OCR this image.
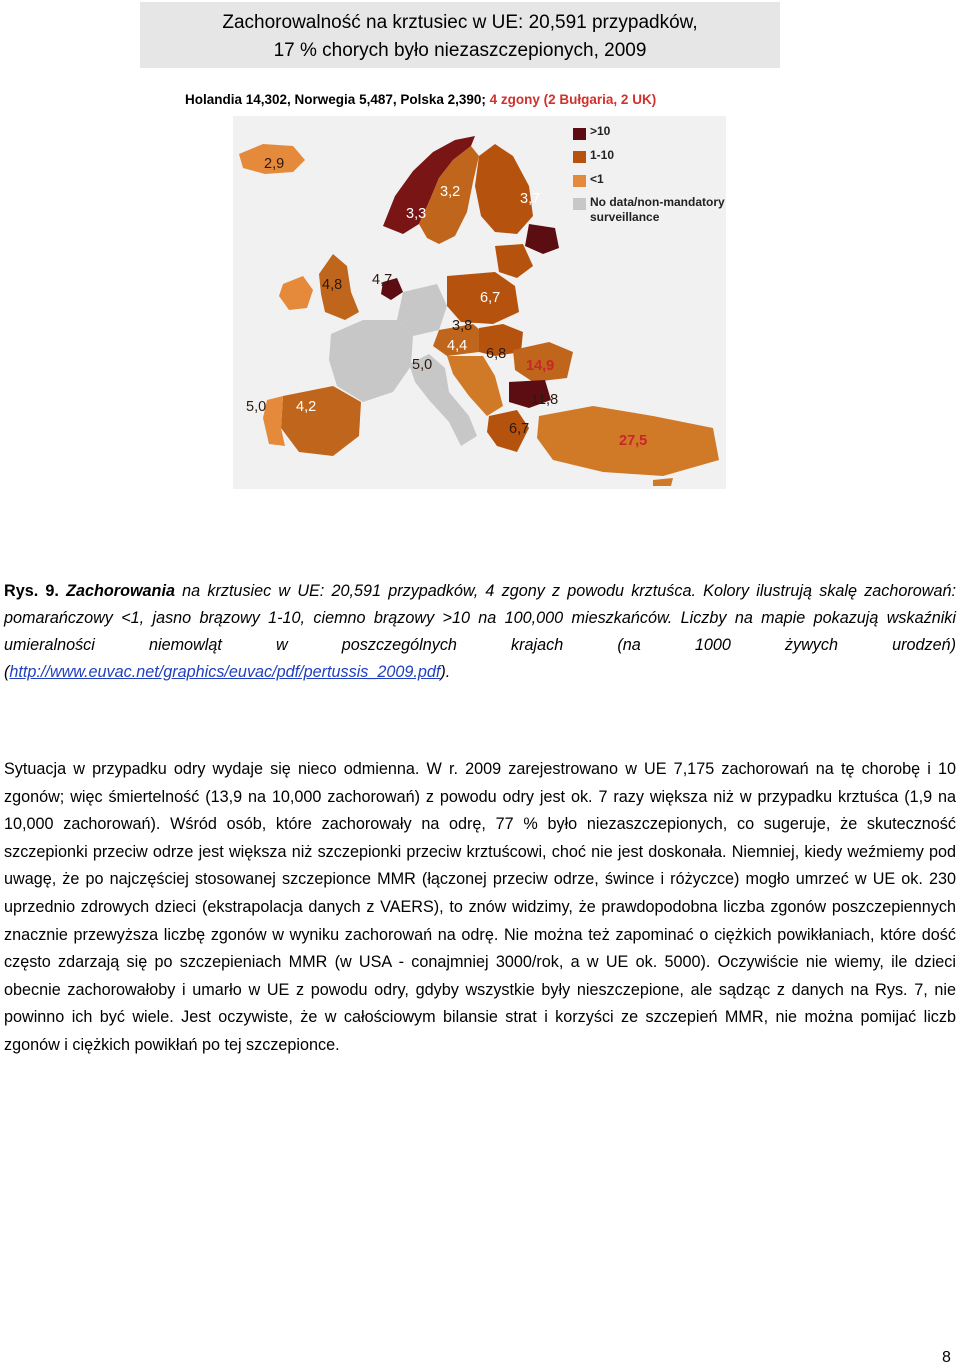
Zachorowalność na krztusiec w UE: 20,591 przypadków,
17 % chorych było niezaszczepionych, 2009
Holandia 14,302, Norwegia 5,487, Polska 2,390; 4 zgony (2 Bułgaria, 2 UK)
>10
1-10
<1
No data/non-mandatory
surveillance
2,9
3,2
3,3
3,7
4,8 4,7
6,7
3,8
4,4
5,0
6,8
14,9
5,0 4,2	11,8
6,7
27,5
Rys. 9. Zachorowania na krztusiec w UE: 20,591 przypadków, 4 zgony z powodu krztuśca. Kolory ilustrują skalę zachorowań: pomarańczowy <1, jasno brązowy 1-10, ciemno brązowy >10 na 100,000 mieszkańców. Liczby na mapie pokazują wskaźniki umieralności niemowląt w poszczególnych krajach (na 1000 żywych urodzeń) (http://www.euvac.net/graphics/euvac/pdf/pertussis_2009.pdf).
Sytuacja w przypadku odry wydaje się nieco odmienna. W r. 2009 zarejestrowano w UE 7,175 zachorowań na tę chorobę i 10 zgonów; więc śmiertelność (13,9 na 10,000 zachorowań) z powodu odry jest ok. 7 razy większa niż w przypadku krztuśca (1,9 na 10,000 zachorowań). Wśród osób, które zachorowały na odrę, 77 % było niezaszczepionych, co sugeruje, że skuteczność szczepionki przeciw odrze jest większa niż szczepionki przeciw krztuścowi, choć nie jest doskonała. Niemniej, kiedy weźmiemy pod uwagę, że po najczęściej stosowanej szczepionce MMR (łączonej przeciw odrze, śwince i różyczce) mogło umrzeć w UE ok. 230 uprzednio zdrowych dzieci (ekstrapolacja danych z VAERS), to znów widzimy, że prawdopodobna liczba zgonów poszczepiennych znacznie przewyższa liczbę zgonów w wyniku zachorowań na odrę. Nie można też zapominać o ciężkich powikłaniach, które dość często zdarzają się po szczepieniach MMR (w USA - conajmniej 3000/rok, a w UE ok. 5000). Oczywiście nie wiemy, ile dzieci obecnie zachorowałoby i umarło w UE z powodu odry, gdyby wszystkie były nieszczepione, ale sądząc z danych na Rys. 7, nie powinno ich być wiele. Jest oczywiste, że w całościowym bilansie strat i korzyści ze szczepień MMR, nie można pomijać liczb zgonów i ciężkich powikłań po tej szczepionce.
8
